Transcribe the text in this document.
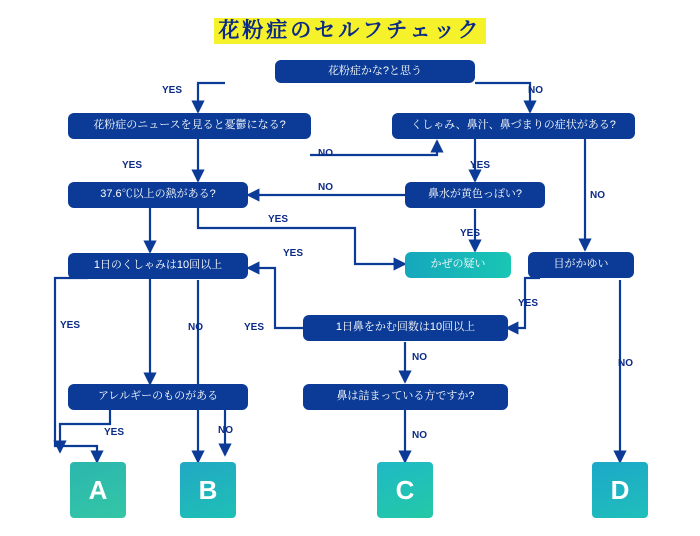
花粉症のセルフチェック
花粉症かな?と思う
花粉症のニュースを見ると憂鬱になる?	くしゃみ、鼻汁、鼻づまりの症状がある?
37.6℃以上の熱がある?	鼻水が黄色っぽい?
1日のくしゃみは10回以上	かぜの疑い	目がかゆい
1日鼻をかむ回数は10回以上
アレルギーのものがある	鼻は詰まっている方ですか?
YES	NO
YES
NO
YES
NO
NO
YES
YES
YES
YES	NO	YES
YES
NO
YES	NO	NO
NO
A	B	C	D
